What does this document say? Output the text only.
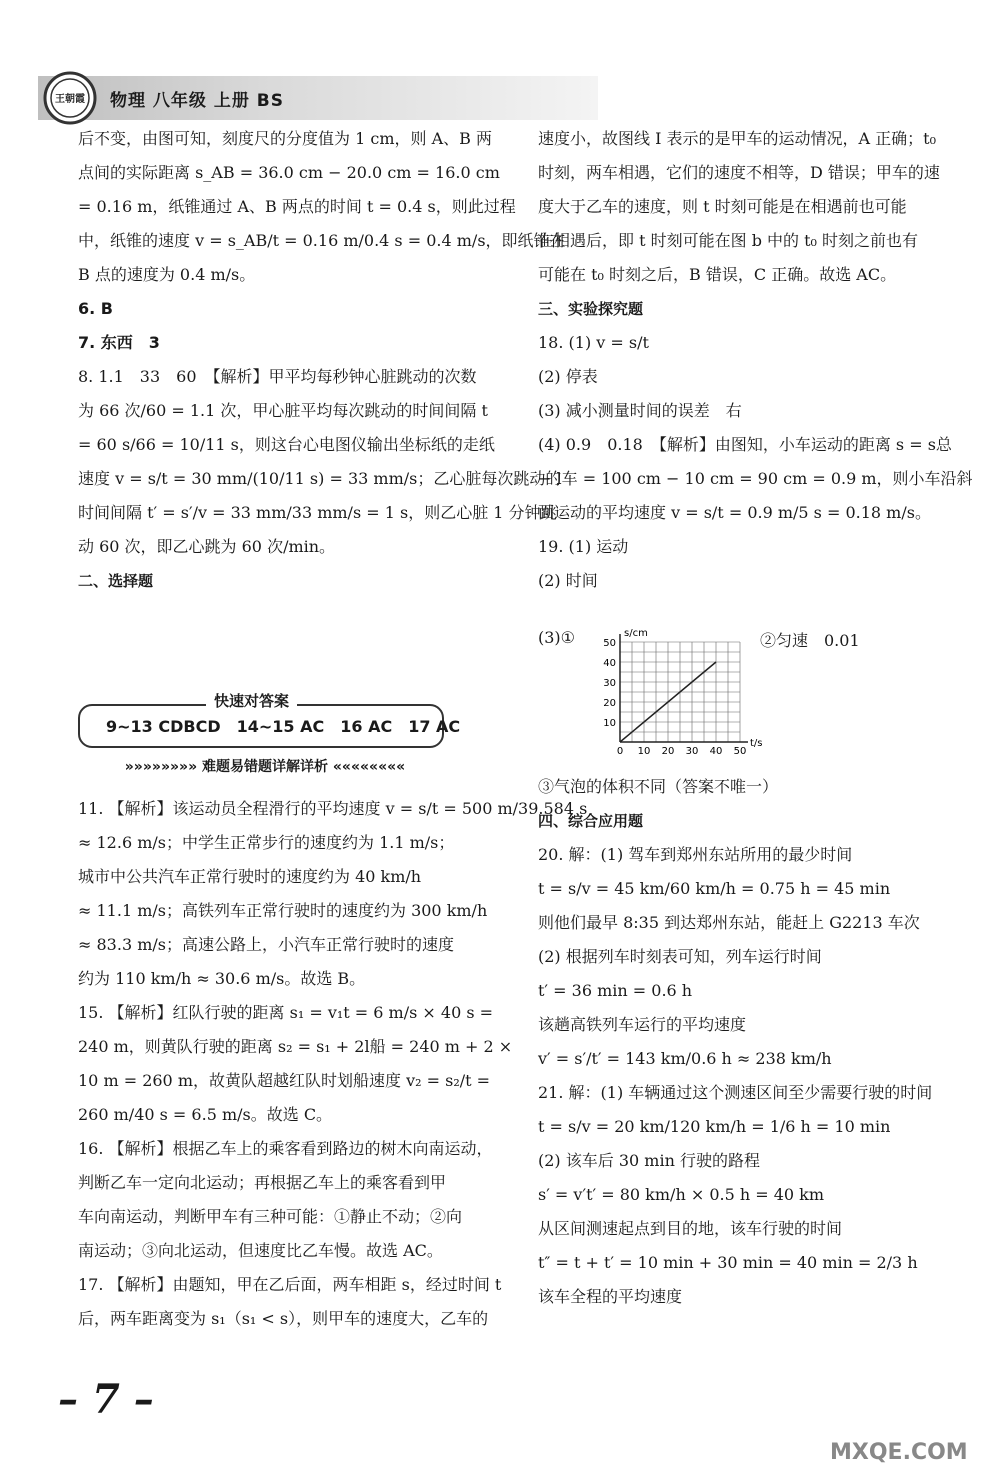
王朝霞 物理 八年级 上册 BS
后不变，由图可知，刻度尺的分度值为 1 cm，则 A、B 两
点间的实际距离 s_AB = 36.0 cm − 20.0 cm = 16.0 cm
= 0.16 m，纸锥通过 A、B 两点的时间 t = 0.4 s，则此过程
中，纸锥的速度 v = s_AB/t = 0.16 m/0.4 s = 0.4 m/s，即纸锥在
B 点的速度为 0.4 m/s。
6. B
7. 东西　3
8. 1.1　33　60　【解析】甲平均每秒钟心脏跳动的次数
为 66 次/60 = 1.1 次，甲心脏平均每次跳动的时间间隔 t
= 60 s/66 = 10/11 s，则这台心电图仪输出坐标纸的走纸
速度 v = s/t = 30 mm/(10/11 s) = 33 mm/s；乙心脏每次跳动的
时间间隔 t′ = s′/v = 33 mm/33 mm/s = 1 s，则乙心脏 1 分钟跳
动 60 次，即乙心跳为 60 次/min。
二、选择题
快速对答案
9~13 CDBCD　14~15 AC　16 AC　17 AC
»»»»»»»» 难题易错题详解详析 ««««««««
11. 【解析】该运动员全程滑行的平均速度 v = s/t = 500 m/39.584 s
≈ 12.6 m/s；中学生正常步行的速度约为 1.1 m/s；
城市中公共汽车正常行驶时的速度约为 40 km/h
≈ 11.1 m/s；高铁列车正常行驶时的速度约为 300 km/h
≈ 83.3 m/s；高速公路上，小汽车正常行驶时的速度
约为 110 km/h ≈ 30.6 m/s。故选 B。
15. 【解析】红队行驶的距离 s₁ = v₁t = 6 m/s × 40 s =
240 m，则黄队行驶的距离 s₂ = s₁ + 2l船 = 240 m + 2 ×
10 m = 260 m，故黄队超越红队时划船速度 v₂ = s₂/t =
260 m/40 s = 6.5 m/s。故选 C。
16. 【解析】根据乙车上的乘客看到路边的树木向南运动，
判断乙车一定向北运动；再根据乙车上的乘客看到甲
车向南运动，判断甲车有三种可能：①静止不动；②向
南运动；③向北运动，但速度比乙车慢。故选 AC。
17. 【解析】由题知，甲在乙后面，两车相距 s，经过时间 t
后，两车距离变为 s₁（s₁ < s），则甲车的速度大，乙车的
速度小，故图线 Ⅰ 表示的是甲车的运动情况，A 正确；t₀
时刻，两车相遇，它们的速度不相等，D 错误；甲车的速
度大于乙车的速度，则 t 时刻可能是在相遇前也可能
在相遇后，即 t 时刻可能在图 b 中的 t₀ 时刻之前也有
可能在 t₀ 时刻之后，B 错误，C 正确。故选 AC。
三、实验探究题
18. (1) v = s/t
(2) 停表
(3) 减小测量时间的误差　右
(4) 0.9　0.18　【解析】由图知，小车运动的距离 s = s总
− l车 = 100 cm − 10 cm = 90 cm = 0.9 m，则小车沿斜
面运动的平均速度 v = s/t = 0.9 m/5 s = 0.18 m/s。
19. (1) 运动
(2) 时间
(3)①	②匀速　0.01
0 10 20 30 40 50
10
20
30
40
50
t/s
s/cm
③气泡的体积不同（答案不唯一）
四、综合应用题
20. 解：(1) 驾车到郑州东站所用的最少时间
t = s/v = 45 km/60 km/h = 0.75 h = 45 min
则他们最早 8:35 到达郑州东站，能赶上 G2213 车次
(2) 根据列车时刻表可知，列车运行时间
t′ = 36 min = 0.6 h
该趟高铁列车运行的平均速度
v′ = s′/t′ = 143 km/0.6 h ≈ 238 km/h
21. 解：(1) 车辆通过这个测速区间至少需要行驶的时间
t = s/v = 20 km/120 km/h = 1/6 h = 10 min
(2) 该车后 30 min 行驶的路程
s′ = v′t′ = 80 km/h × 0.5 h = 40 km
从区间测速起点到目的地，该车行驶的时间
t″ = t + t′ = 10 min + 30 min = 40 min = 2/3 h
该车全程的平均速度
– 7 –
MXQE.COM
